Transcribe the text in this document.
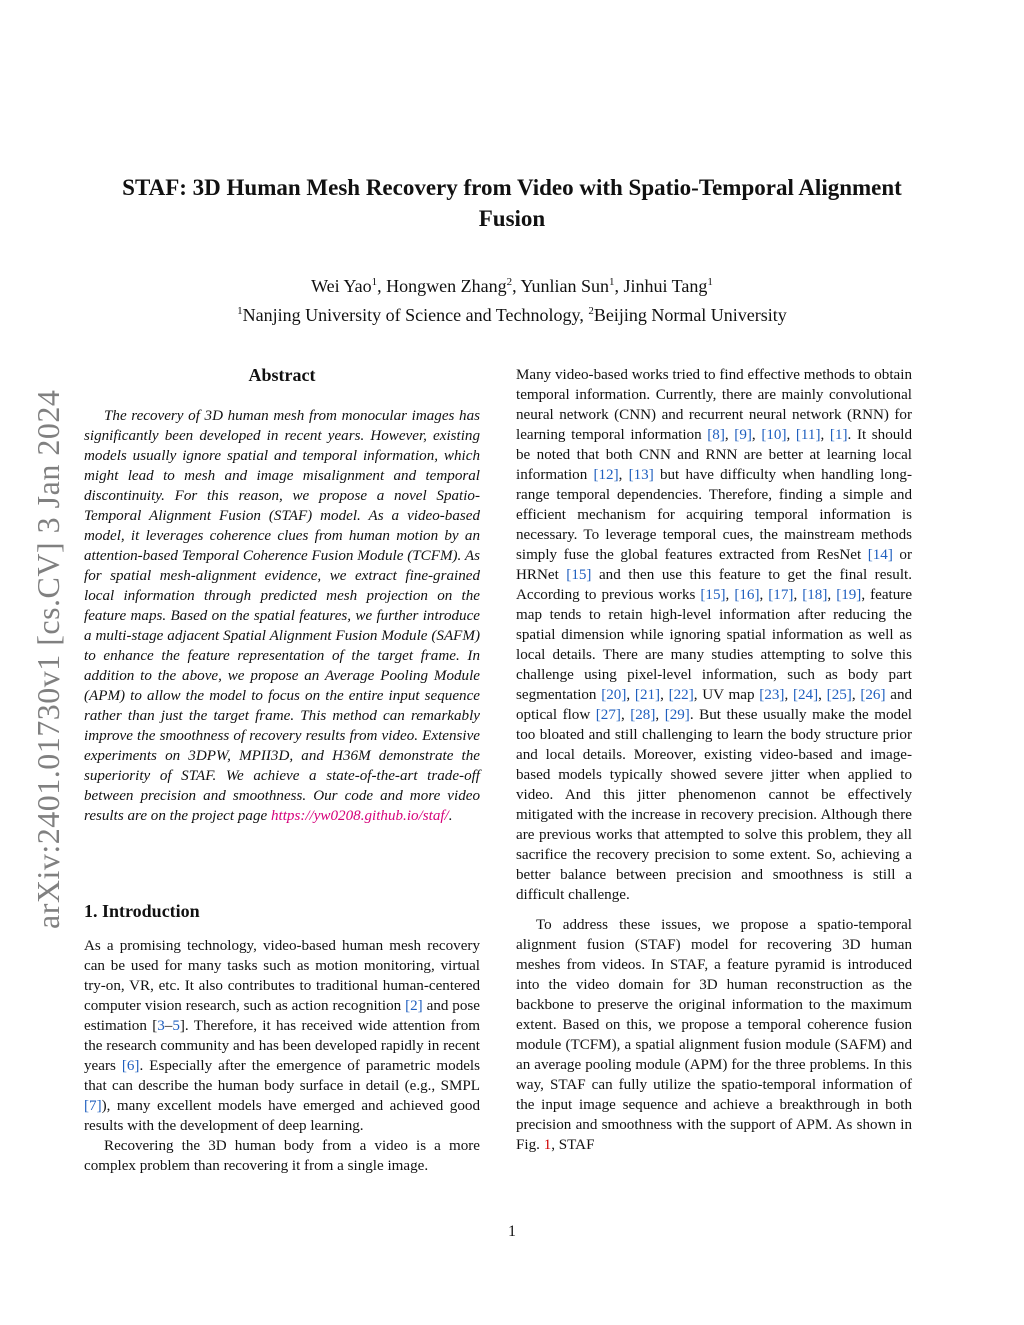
arXiv:2401.01730v1 [cs.CV] 3 Jan 2024
STAF: 3D Human Mesh Recovery from Video with Spatio-Temporal Alignment
Fusion
Wei Yao$^1$, Hongwen Zhang$^2$, Yunlian Sun$^1$, Jinhui Tang$^1$
$^1$Nanjing University of Science and Technology, $^2$Beijing Normal University
Abstract

The recovery of 3D human mesh from monocular images has significantly been developed in recent years. However, existing models usually ignore spatial and temporal information, which might lead to mesh and image misalignment and temporal discontinuity. For this reason, we propose a novel Spatio-Temporal Alignment Fusion (STAF) model. As a video-based model, it leverages coherence clues from human motion by an attention-based Temporal Coherence Fusion Module (TCFM). As for spatial mesh-alignment evidence, we extract fine-grained local information through predicted mesh projection on the feature maps. Based on the spatial features, we further introduce a multi-stage adjacent Spatial Alignment Fusion Module (SAFM) to enhance the feature representation of the target frame. In addition to the above, we propose an Average Pooling Module (APM) to allow the model to focus on the entire input sequence rather than just the target frame. This method can remarkably improve the smoothness of recovery results from video. Extensive experiments on 3DPW, MPII3D, and H36M demonstrate the superiority of STAF. We achieve a state-of-the-art trade-off between precision and smoothness. Our code and more video results are on the project page https://yw0208.github.io/staf/.

1. Introduction

As a promising technology, video-based human mesh recovery can be used for many tasks such as motion monitoring, virtual try-on, VR, etc. It also contributes to traditional human-centered computer vision research, such as action recognition [2] and pose estimation [3–5]. Therefore, it has received wide attention from the research community and has been developed rapidly in recent years [6]. Especially after the emergence of parametric models that can describe the human body surface in detail (e.g., SMPL [7]), many excellent models have emerged and achieved good results with the development of deep learning.

Recovering the 3D human body from a video is a more complex problem than recovering it from a single image.

Many video-based works tried to find effective methods to obtain temporal information. Currently, there are mainly convolutional neural network (CNN) and recurrent neural network (RNN) for learning temporal information [8], [9], [10], [11], [1]. It should be noted that both CNN and RNN are better at learning local information [12], [13] but have difficulty when handling long-range temporal dependencies. Therefore, finding a simple and efficient mechanism for acquiring temporal information is necessary. To leverage temporal cues, the mainstream methods simply fuse the global features extracted from ResNet [14] or HRNet [15] and then use this feature to get the final result. According to previous works [15], [16], [17], [18], [19], feature map tends to retain high-level information after reducing the spatial dimension while ignoring spatial information as well as local details. There are many studies attempting to solve this challenge using pixel-level information, such as body part segmentation [20], [21], [22], UV map [23], [24], [25], [26] and optical flow [27], [28], [29]. But these usually make the model too bloated and still challenging to learn the body structure prior and local details. Moreover, existing video-based and image-based models typically showed severe jitter when applied to video. And this jitter phenomenon cannot be effectively mitigated with the increase in recovery precision. Although there are previous works that attempted to solve this problem, they all sacrifice the recovery precision to some extent. So, achieving a better balance between precision and smoothness is still a difficult challenge.

To address these issues, we propose a spatio-temporal alignment fusion (STAF) model for recovering 3D human meshes from videos. In STAF, a feature pyramid is introduced into the video domain for 3D human reconstruction as the backbone to preserve the original information to the maximum extent. Based on this, we propose a temporal coherence fusion module (TCFM), a spatial alignment fusion module (SAFM) and an average pooling module (APM) for the three problems. In this way, STAF can fully utilize the spatio-temporal information of the input image sequence and achieve a breakthrough in both precision and smoothness with the support of APM. As shown in Fig. 1, STAF

1
